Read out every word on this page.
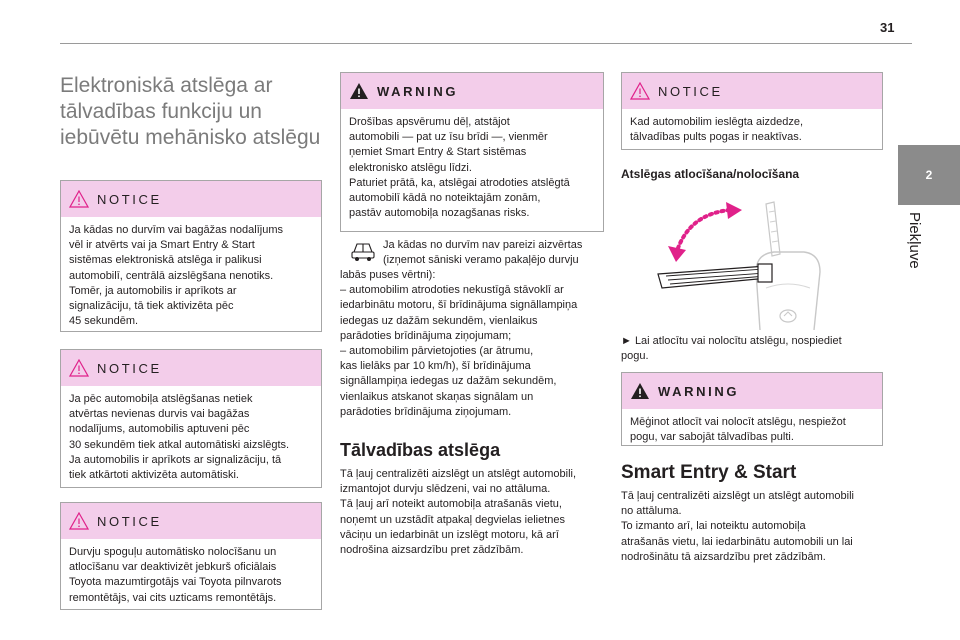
31
2
Piekļuve
Elektroniskā atslēga ar tālvadības funkciju un iebūvētu mehānisko atslēgu
NOTICE

Ja kādas no durvīm vai bagāžas nodalījums
vēl ir atvērts vai ja Smart Entry & Start
sistēmas elektroniskā atslēga ir palikusi
automobilī, centrālā aizslēgšana nenotiks.
Tomēr, ja automobilis ir aprīkots ar
signalizāciju, tā tiek aktivizēta pēc
45 sekundēm.

NOTICE

Ja pēc automobiļa atslēgšanas netiek
atvērtas nevienas durvis vai bagāžas
nodalījums, automobilis aptuveni pēc
30 sekundēm tiek atkal automātiski aizslēgts.
Ja automobilis ir aprīkots ar signalizāciju, tā
tiek atkārtoti aktivizēta automātiski.

NOTICE

Durvju spoguļu automātisko nolocīšanu un
atlocīšanu var deaktivizēt jebkurš oficiālais
Toyota mazumtirgotājs vai Toyota pilnvarots
remontētājs, vai cits uzticams remontētājs.

WARNING

Drošības apsvērumu dēļ, atstājot
automobili — pat uz īsu brīdi —, vienmēr
ņemiet Smart Entry & Start sistēmas
elektronisko atslēgu līdzi.
Paturiet prātā, ka, atslēgai atrodoties atslēgtā
automobilī kādā no noteiktajām zonām,
pastāv automobiļa nozagšanas risks.

Ja kādas no durvīm nav pareizi aizvērtas
(izņemot sāniski veramo pakaļējo durvju

labās puses vērtni):
– automobilim atrodoties nekustīgā stāvoklī ar
iedarbinātu motoru, šī brīdinājuma signāllampiņa
iedegas uz dažām sekundēm, vienlaikus
parādoties brīdinājuma ziņojumam;
– automobilim pārvietojoties (ar ātrumu,
kas lielāks par 10 km/h), šī brīdinājuma
signāllampiņa iedegas uz dažām sekundēm,
vienlaikus atskanot skaņas signālam un
parādoties brīdinājuma ziņojumam.

Tālvadības atslēga

Tā ļauj centralizēti aizslēgt un atslēgt automobili,
izmantojot durvju slēdzeni, vai no attāluma.
Tā ļauj arī noteikt automobiļa atrašanās vietu,
noņemt un uzstādīt atpakaļ degvielas ielietnes
vāciņu un iedarbināt un izslēgt motoru, kā arī
nodrošina aizsardzību pret zādzībām.

NOTICE

Kad automobilim ieslēgta aizdedze,
tālvadības pults pogas ir neaktīvas.

Atslēgas atlocīšana/nolocīšana

► Lai atlocītu vai nolocītu atslēgu, nospiediet
pogu.

WARNING

Mēģinot atlocīt vai nolocīt atslēgu, nespiežot
pogu, var sabojāt tālvadības pulti.

Smart Entry & Start

Tā ļauj centralizēti aizslēgt un atslēgt automobili
no attāluma.
To izmanto arī, lai noteiktu automobiļa
atrašanās vietu, lai iedarbinātu automobili un lai
nodrošinātu tā aizsardzību pret zādzībām.
